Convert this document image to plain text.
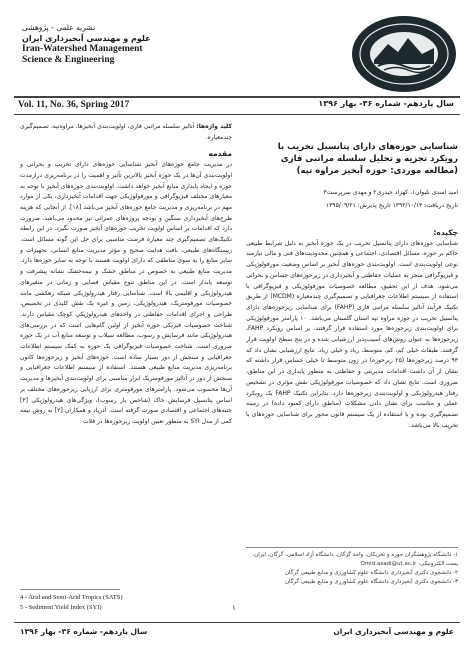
نشریه علمی - پژوهشی
علوم و مهندسی آبخیزداری ایران
Iran-Watershed Management
Science & Engineering
Vol. 11, No. 36, Spring 2017	سال یازدهم- شماره ۳۶- بهار ۱۳۹۶
شناسایی حوزه‌های دارای پتانسیل تخریب با رویکرد تجزیه و تحلیل سلسله مراتبی فازی (مطالعه موردی: حوزه آبخیز مراوه تپه)
امید اسدی نلیوان۱، کهزاد حیدری۲ و مهدی سرپرست۳
تاریخ دریافت: ۱۳۹۳/۱۰/۱۴ تاریخ پذیرش: ۱۳۹۵/۰۹/۲۱
چکیده:
شناسایی حوزه‌های دارای پتانسیل تخریب در یک حوزه آبخیز به دلیل شرایط طبیعی حاکم بر حوزه، مسائل اقتصادی، اجتماعی و همچنین محدودیت‌های فنی و مالی نیازمند نوعی اولویت‌بندی است. اولویت‌بندی حوزه‌های آبخیز بر اساس وضعیت مورفولوژیکی و فیزیوگرافی منجر به عملیات حفاظتی و آبخیزداری در زیرحوزه‌های حساس و بحرانی می‌شود. هدف از این تحقیق، مطالعه خصوصیات مورفولوژیکی و فیزیوگرافی با استفاده از سیستم اطلاعات جغرافیایی و تصمیم‌گیری چندمعیاره (MCDM) از طریق تکنیک فرآیند آنالیز سلسله مراتبی فازی (FAHP) برای شناسایی زیرحوزه‌های دارای پتانسیل تخریب در حوزه مراوه تپه استان گلستان می‌باشد. ۱۰ پارامتر مورفولوژیکی برای اولویت‌بندی زیرحوزه‌ها مورد استفاده قرار گرفتند. بر اساس رویکرد FAHP، زیرحوزه‌ها به عنوان روش‌های آسیب‌پذیر ارزشیابی شده و در پنج سطح اولویت قرار گرفتند. طبقات خیلی کم، کم، متوسط، زیاد و خیلی زیاد. نتایج ارزشیابی نشان داد که ۹۳ درصد زیرحوزه‌ها (۲۵ زیرحوزه) در زون متوسط تا خیلی حساس قرار داشته که نشان از آن داشت اقدامات مدیریتی و حفاظتی به منظور پایداری در این مناطق، ضروری است. نتایج نشان داد که خصوصیات مورفولوژیکی نقش مؤثری در تشخیص رفتار هیدرولوژیکی و اولویت‌بندی زیرحوزه‌ها دارد. بنابراین تکنیک FAHP یک رویکرد عملی و مناسب برای نشان دادن مشکلات (مناطق دارای کمبود داده) در زمینه تصمیم‌گیری بوده و با استفاده از یک سیستم قانون محور برای شناسایی حوزه‌های با تخریب بالا می‌باشد.
۱- دانشگاه پژوهشگران حوزه و تخریکان، واحد گرگان، دانشگاه آزاد اسلامی، گرگان، ایران، پست الکترونیکی: Omid.asadi@ut.ac.ir
۲- دانشجوی دکتری آبخیزداری دانشگاه علوم کشاورزی و منابع طبیعی گرگان
۳- دانشجوی دکتری آبخیزداری دانشگاه علوم کشاورزی و منابع طبیعی گرگان
کلید واژه‌ها: آنالیز سلسله مراتبی فازی، اولویت‌بندی آبخیزها، مراوه‌تپه، تصمیم‌گیری چندمعیاره.
مقدمه
در مدیریت جامع حوزه‌های آبخیز شناسایی حوزه‌های دارای تخریب و بحرانی و اولویت‌بندی آن‌ها در یک حوزه آبخیز بالاترین تأثیر و اهمیت را در برنامه‌ریزی درازمدت حوزه و ایجاد پایداری منابع آبخیز خواهد داشت. اولویت‌بندی حوزه‌های آبخیز با توجه به معیارهای مختلف فیزیوگرافی و مورفولوژیکی جهت اقدامات آبخیزداری، یکی از موارد مهم در برنامه‌ریزی و مدیریت جامع حوزه‌های آبخیز می‌باشد [۱۸]. از آنجایی که هزینه طرح‌های آبخیزداری سنگین و بودجه پروژه‌های عمرانی نیز محدود می‌باشد، ضرورت دارد که اقدامات بر اساس اولویت تخریب حوزه‌های آبخیز صورت بگیرد. در این رابطه تکنیک‌های تصمیم‌گیری چند معیاره فرصت مناسبی برای حل این گونه مسائل است. زیستگاه‌های طبیعی، بافت هدایت صحیح و مؤثر مدیریت منابع انسانی، تجهیزات و سایر منابع را به سوی مناطقی که دارای اولویت هستند با توجه به سایر حوزه‌ها دارد. مدیریت منابع طبیعی به خصوص در مناطق خشک و نیمه‌خشک نشانه پیشرفت و توسعه پایدار است. در این مناطق تنوع مقیاس فضایی و زمانی در متغیرهای هیدرولوژیکی و اقلیمی بالا است. شناسایی رفتار هیدرولوژیکی شبکه زهکشی مانند خصوصیات مورفومتریک، هیدرولوژیکی، زمین و غیره یک نقش کلیدی در تخصیص، طراحی و اجرای اقدامات حفاظتی در واحدهای هیدرولوژیکی کوچک مقیاس دارند. شناخت خصوصیات فیزیکی حوزه آبخیز از اولین گام‌هایی است که در بررسی‌های هیدرولوژیکی مانند فرسایش و رسوب، مطالعه سیلاب و توسعه منابع آب در یک حوزه ضروری است. شناخت خصوصیات فیزیوگرافی یک حوزه به کمک سیستم اطلاعات جغرافیایی و سنجش از دور بسیار ساده است. حوزه‌های آبخیز و زیرحوزه‌ها کانون برنامه‌ریزی مدیریت منابع طبیعی هستند. استفاده از سیستم اطلاعات جغرافیایی و سنجش از دور در آنالیز مورفومتریک ابزار مناسبی برای اولویت‌بندی آبخیزها و مدیریت آن‌ها محسوب می‌شود. پارامترهای مورفومتری برای ارزیابی زیرحوزه‌های مختلف بر اساس پتانسیل فرسایش خاک (شاخص بار رسوب)، ویژگی‌های هیدرولوژیکی [۳] جنبه‌های اجتماعی و اقتصادی صورت گرفته است. آذرپاد و همکاران [۲] به روش نیمه کمی از مدل SYI به منظور تعیین اولویت زیرحوزه‌ها در فلات
4 - Arid and Semi-Arid Tropics (SATS)
5 - Sediment Yield Index (SYI)	۱
سال یازدهم- شماره ۳۶- بهار ۱۳۹۶	علوم و مهندسی آبخیزداری ایران
